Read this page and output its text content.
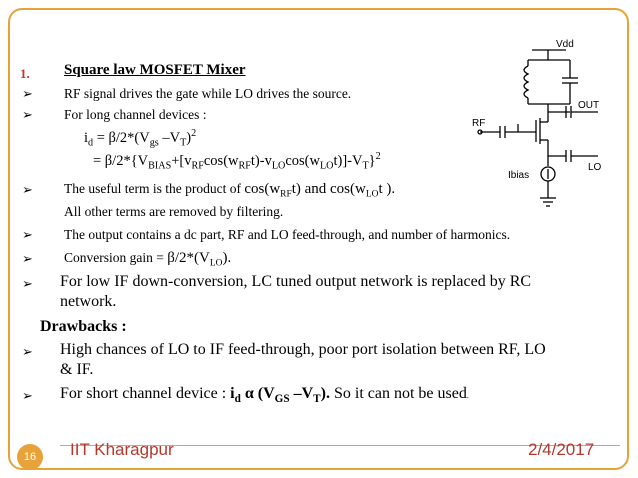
1. Square law MOSFET Mixer
➢ RF signal drives the gate while LO drives the source.
➢ For long channel devices :
$i_d = \beta/2*(V_{gs}$ $-V_T)^2$
= $\beta/2*\{V_{BIAS}+[v_{RF}\cos(w_{RF}t)-v_{LO}\cos(w_{LO}t)]-V_T\}^2$
➢ The useful term is the product of $\cos(w_{RF}t)$ and $\cos(w_{LO}t$ ).
All other terms are removed by filtering.
➢ The output contains a dc part, RF and LO feed-through, and number of harmonics.
➢ Conversion gain = $\beta/2*(V_{LO})$.
➢ For low IF down-conversion, LC tuned output network is replaced by RC
network.
Drawbacks :
➢ High chances of LO to IF feed-through, poor port isolation between RF, LO
& IF.
➢ For short channel device : $i_d$ α ($V_{GS}$ $-V_T$). So it can not be used.
Vdd
OUT
RF
Ibias
LO
16	IIT Kharagpur	2/4/2017
